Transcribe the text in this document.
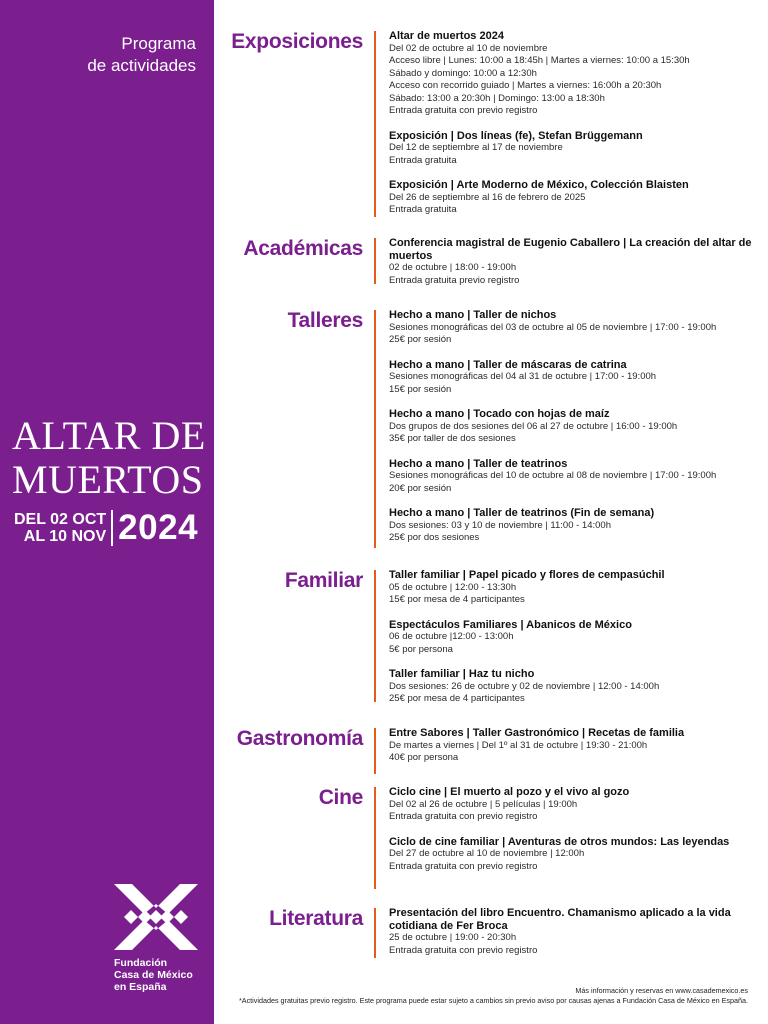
Programa
de actividades
ALTAR DE
MUERTOS
DEL 02 OCT
AL 10 NOV 2024
Fundación
Casa de México
en España
Exposiciones Altar de muertos 2024
Del 02 de octubre al 10 de noviembre
Acceso libre | Lunes: 10:00 a 18:45h | Martes a viernes: 10:00 a 15:30h
Sábado y domingo: 10:00 a 12:30h
Acceso con recorrido guiado | Martes a viernes: 16:00h a 20:30h
Sábado: 13:00 a 20:30h | Domingo: 13:00 a 18:30h
Entrada gratuita con previo registro
Exposición | Dos líneas (fe), Stefan Brüggemann
Del 12 de septiembre al 17 de noviembre
Entrada gratuita
Exposición | Arte Moderno de México, Colección Blaisten
Del 26 de septiembre al 16 de febrero de 2025
Entrada gratuita
Académicas Conferencia magistral de Eugenio Caballero | La creación del altar de muertos
02 de octubre | 18:00 - 19:00h
Entrada gratuita previo registro
Talleres Hecho a mano | Taller de nichos
Sesiones monográficas del 03 de octubre al 05 de noviembre | 17:00 - 19:00h
25€ por sesión
Hecho a mano | Taller de máscaras de catrina
Sesiones monográficas del 04 al 31 de octubre | 17:00 - 19:00h
15€ por sesión
Hecho a mano | Tocado con hojas de maíz
Dos grupos de dos sesiones del 06 al 27 de octubre | 16:00 - 19:00h
35€ por taller de dos sesiones
Hecho a mano | Taller de teatrinos
Sesiones monográficas del 10 de octubre al 08 de noviembre | 17:00 - 19:00h
20€ por sesión
Hecho a mano | Taller de teatrinos (Fin de semana)
Dos sesiones: 03 y 10 de noviembre | 11:00 - 14:00h
25€ por dos sesiones
Familiar Taller familiar | Papel picado y flores de cempasúchil
05 de octubre | 12:00 - 13:30h
15€ por mesa de 4 participantes
Espectáculos Familiares | Abanicos de México
06 de octubre |12:00 - 13:00h
5€ por persona
Taller familiar | Haz tu nicho
Dos sesiones: 26 de octubre y 02 de noviembre | 12:00 - 14:00h
25€ por mesa de 4 participantes
Gastronomía Entre Sabores | Taller Gastronómico | Recetas de familia
De martes a viernes | Del 1º al 31 de octubre | 19:30 - 21:00h
40€ por persona
Cine Ciclo cine | El muerto al pozo y el vivo al gozo
Del 02 al 26 de octubre | 5 películas | 19:00h
Entrada gratuita con previo registro
Ciclo de cine familiar | Aventuras de otros mundos: Las leyendas
Del 27 de octubre al 10 de noviembre | 12:00h
Entrada gratuita con previo registro
Literatura Presentación del libro Encuentro. Chamanismo aplicado a la vida cotidiana de Fer Broca
25 de octubre | 19:00 - 20:30h
Entrada gratuita con previo registro
Más información y reservas en www.casademexico.es
*Actividades gratuitas previo registro. Este programa puede estar sujeto a cambios sin previo aviso por causas ajenas a Fundación Casa de México en España.
